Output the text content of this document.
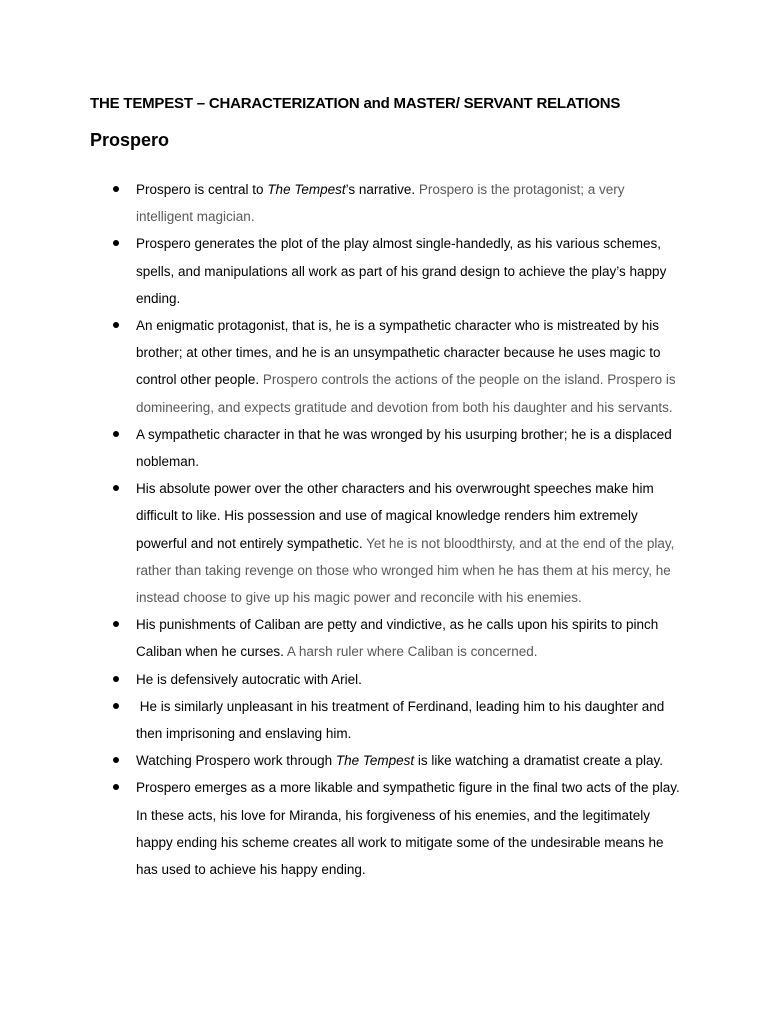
THE TEMPEST – CHARACTERIZATION and MASTER/ SERVANT RELATIONS
Prospero
Prospero is central to The Tempest’s narrative. Prospero is the protagonist; a very intelligent magician.
Prospero generates the plot of the play almost single-handedly, as his various schemes, spells, and manipulations all work as part of his grand design to achieve the play’s happy ending.
An enigmatic protagonist, that is, he is a sympathetic character who is mistreated by his brother; at other times, and he is an unsympathetic character because he uses magic to control other people. Prospero controls the actions of the people on the island. Prospero is domineering, and expects gratitude and devotion from both his daughter and his servants.
A sympathetic character in that he was wronged by his usurping brother; he is a displaced nobleman.
His absolute power over the other characters and his overwrought speeches make him difficult to like. His possession and use of magical knowledge renders him extremely powerful and not entirely sympathetic. Yet he is not bloodthirsty, and at the end of the play, rather than taking revenge on those who wronged him when he has them at his mercy, he instead choose to give up his magic power and reconcile with his enemies.
His punishments of Caliban are petty and vindictive, as he calls upon his spirits to pinch Caliban when he curses. A harsh ruler where Caliban is concerned.
He is defensively autocratic with Ariel.
He is similarly unpleasant in his treatment of Ferdinand, leading him to his daughter and then imprisoning and enslaving him.
Watching Prospero work through The Tempest is like watching a dramatist create a play.
Prospero emerges as a more likable and sympathetic figure in the final two acts of the play. In these acts, his love for Miranda, his forgiveness of his enemies, and the legitimately happy ending his scheme creates all work to mitigate some of the undesirable means he has used to achieve his happy ending.
